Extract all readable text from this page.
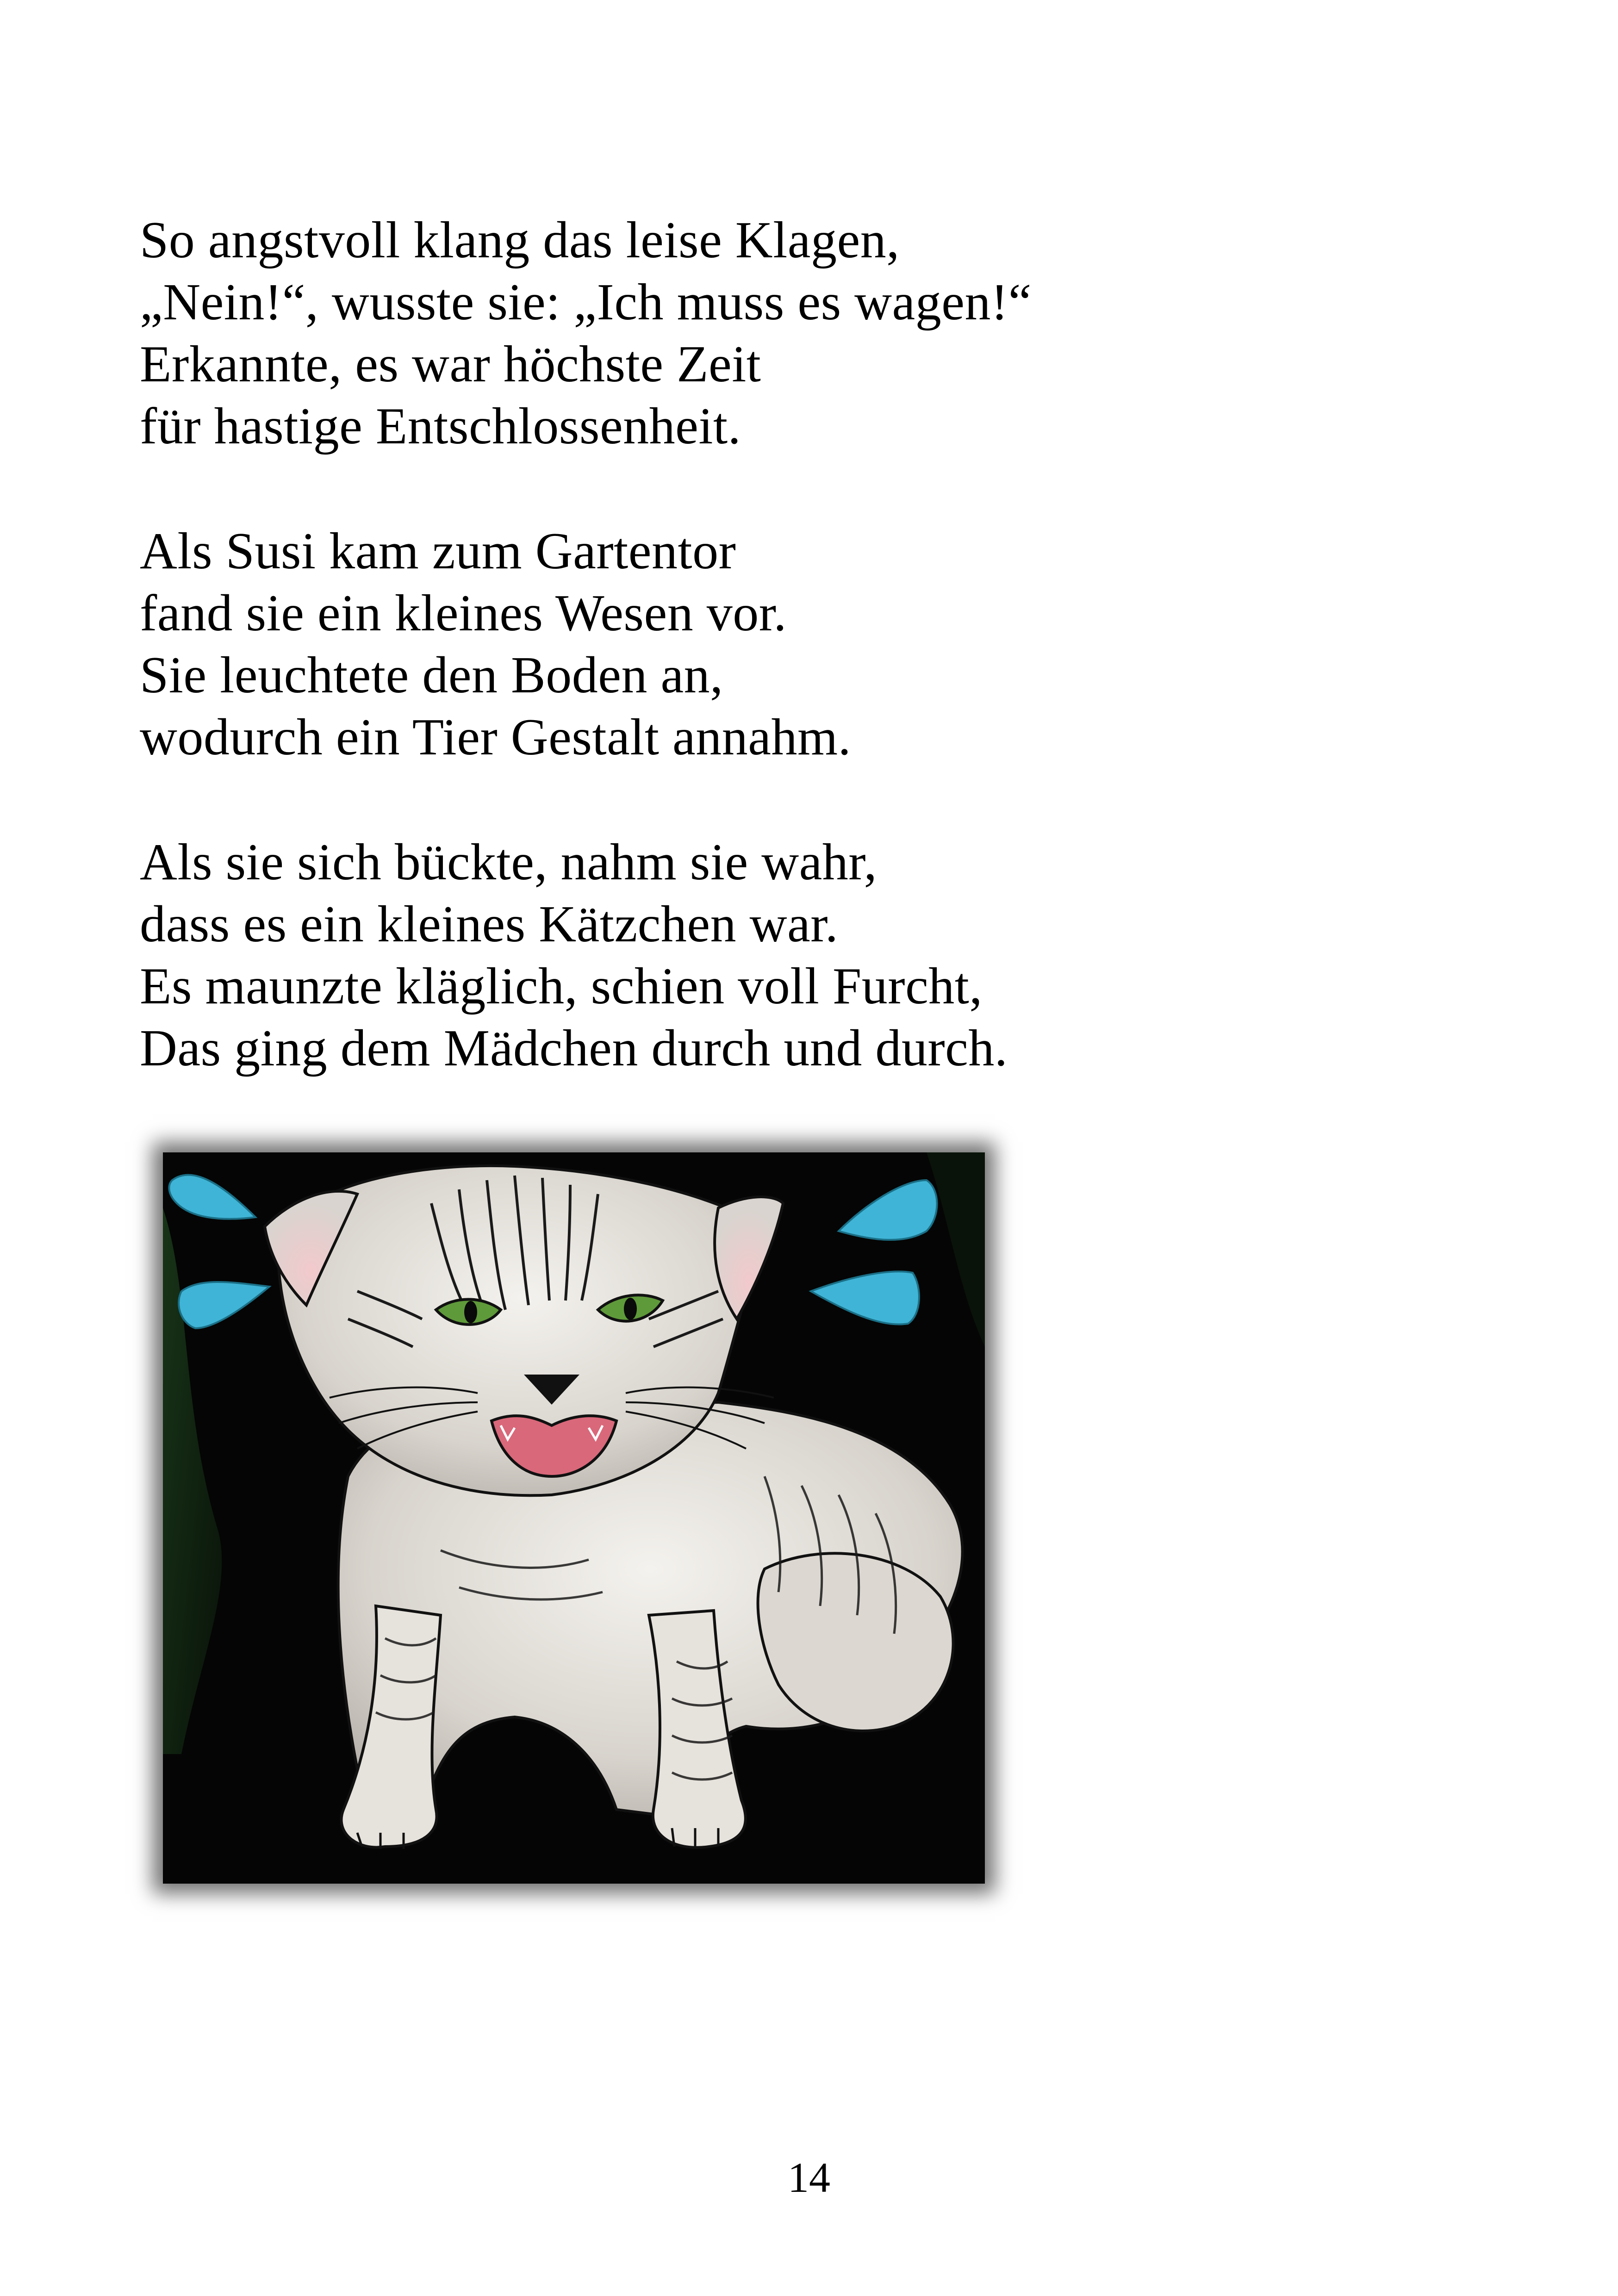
So angstvoll klang das leise Klagen,
„Nein!“, wusste sie: „Ich muss es wagen!“
Erkannte, es war höchste Zeit
für hastige Entschlossenheit.
Als Susi kam zum Gartentor
fand sie ein kleines Wesen vor.
Sie leuchtete den Boden an,
wodurch ein Tier Gestalt annahm.
Als sie sich bückte, nahm sie wahr,
dass es ein kleines Kätzchen war.
Es maunzte kläglich, schien voll Furcht,
Das ging dem Mädchen durch und durch.
14
